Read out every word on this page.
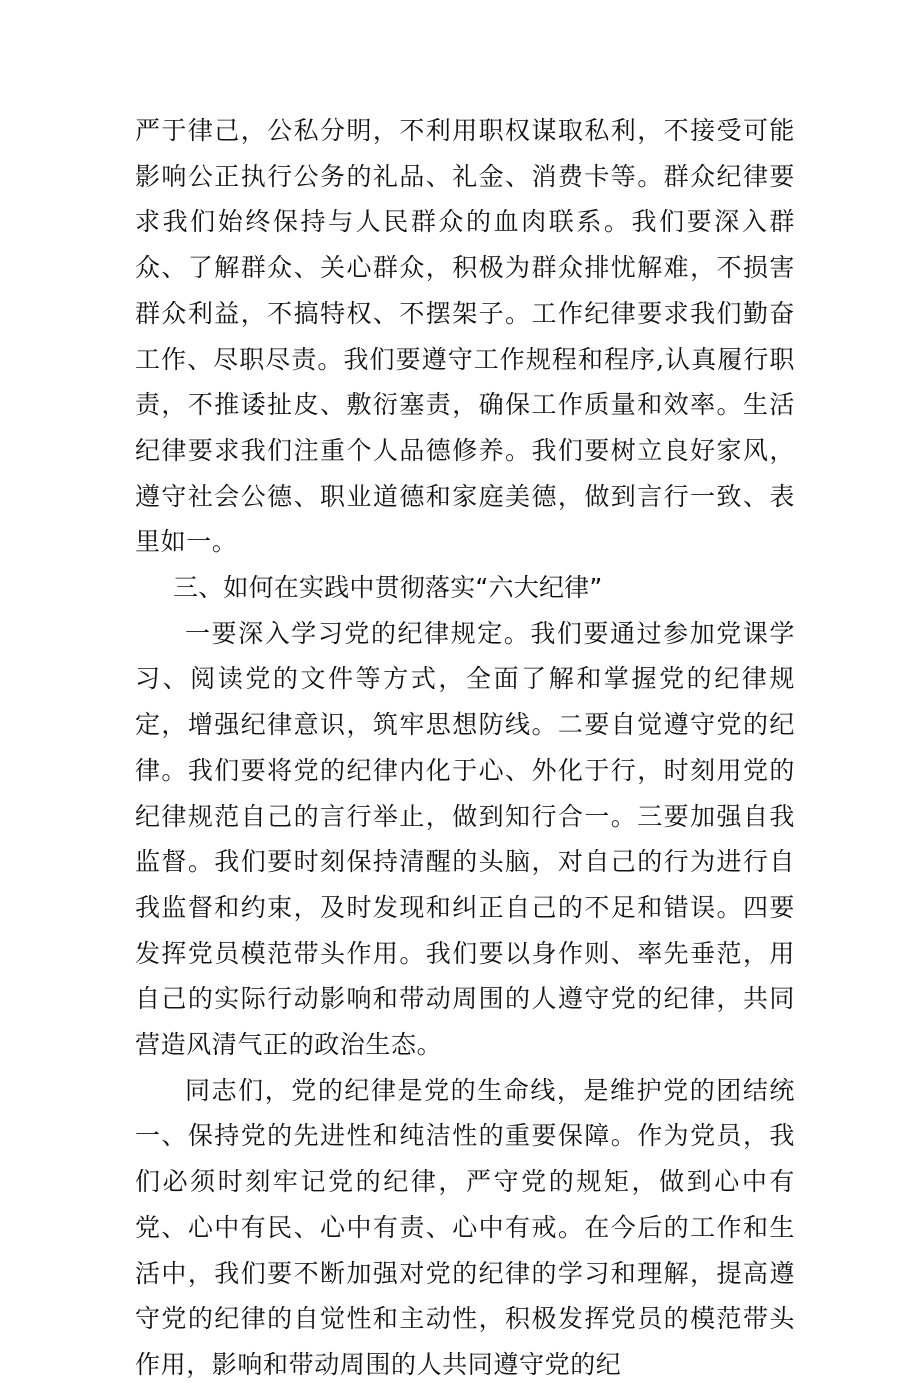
严于律己，公私分明，不利用职权谋取私利，不接受可能影响公正执行公务的礼品、礼金、消费卡等。群众纪律要求我们始终保持与人民群众的血肉联系。我们要深入群众、了解群众、关心群众，积极为群众排忧解难，不损害群众利益，不搞特权、不摆架子。工作纪律要求我们勤奋工作、尽职尽责。我们要遵守工作规程和程序,认真履行职责，不推诿扯皮、敷衍塞责，确保工作质量和效率。生活纪律要求我们注重个人品德修养。我们要树立良好家风，遵守社会公德、职业道德和家庭美德，做到言行一致、表里如一。

三、如何在实践中贯彻落实“六大纪律”

一要深入学习党的纪律规定。我们要通过参加党课学习、阅读党的文件等方式，全面了解和掌握党的纪律规定，增强纪律意识，筑牢思想防线。二要自觉遵守党的纪律。我们要将党的纪律内化于心、外化于行，时刻用党的纪律规范自己的言行举止，做到知行合一。三要加强自我监督。我们要时刻保持清醒的头脑，对自己的行为进行自我监督和约束，及时发现和纠正自己的不足和错误。四要发挥党员模范带头作用。我们要以身作则、率先垂范，用自己的实际行动影响和带动周围的人遵守党的纪律，共同营造风清气正的政治生态。

同志们，党的纪律是党的生命线，是维护党的团结统一、保持党的先进性和纯洁性的重要保障。作为党员，我们必须时刻牢记党的纪律，严守党的规矩，做到心中有党、心中有民、心中有责、心中有戒。在今后的工作和生活中，我们要不断加强对党的纪律的学习和理解，提高遵守党的纪律的自觉性和主动性，积极发挥党员的模范带头作用，影响和带动周围的人共同遵守党的纪
